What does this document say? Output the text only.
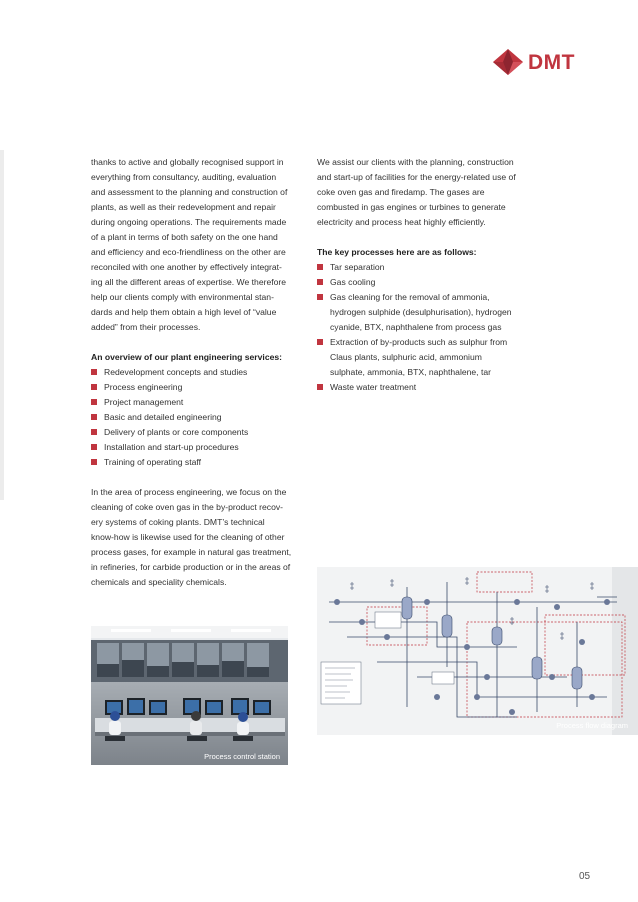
DMT
thanks to active and globally recognised support in
everything from consultancy, auditing, evaluation
and assessment to the planning and construction of
plants, as well as their redevelopment and repair
during ongoing operations. The requirements made
of a plant in terms of both safety on the one hand
and efficiency and eco-friendliness on the other are
reconciled with one another by effectively integrat-
ing all the different areas of expertise. We therefore
help our clients comply with environmental stan-
dards and help them obtain a high level of “value
added” from their processes.
An overview of our plant engineering services:
Redevelopment concepts and studies
Process engineering
Project management
Basic and detailed engineering
Delivery of plants or core components
Installation and start-up procedures
Training of operating staff
In the area of process engineering, we focus on the
cleaning of coke oven gas in the by-product recov-
ery systems of coking plants. DMT’s technical
know-how is likewise used for the cleaning of other
process gases, for example in natural gas treatment,
in refineries, for carbide production or in the areas of
chemicals and speciality chemicals.
We assist our clients with the planning, construction
and start-up of facilities for the energy-related use of
coke oven gas and firedamp. The gases are
combusted in gas engines or turbines to generate
electricity and process heat highly efficiently.
The key processes here are as follows:
Tar separation
Gas cooling
Gas cleaning for the removal of ammonia,
hydrogen sulphide (desulphurisation), hydrogen
cyanide, BTX, naphthalene from process gas
Extraction of by-products such as sulphur from
Claus plants, sulphuric acid, ammonium
sulphate, ammonia, BTX, naphthalene, tar
Waste water treatment
Process control station
Process flow diagram
05
